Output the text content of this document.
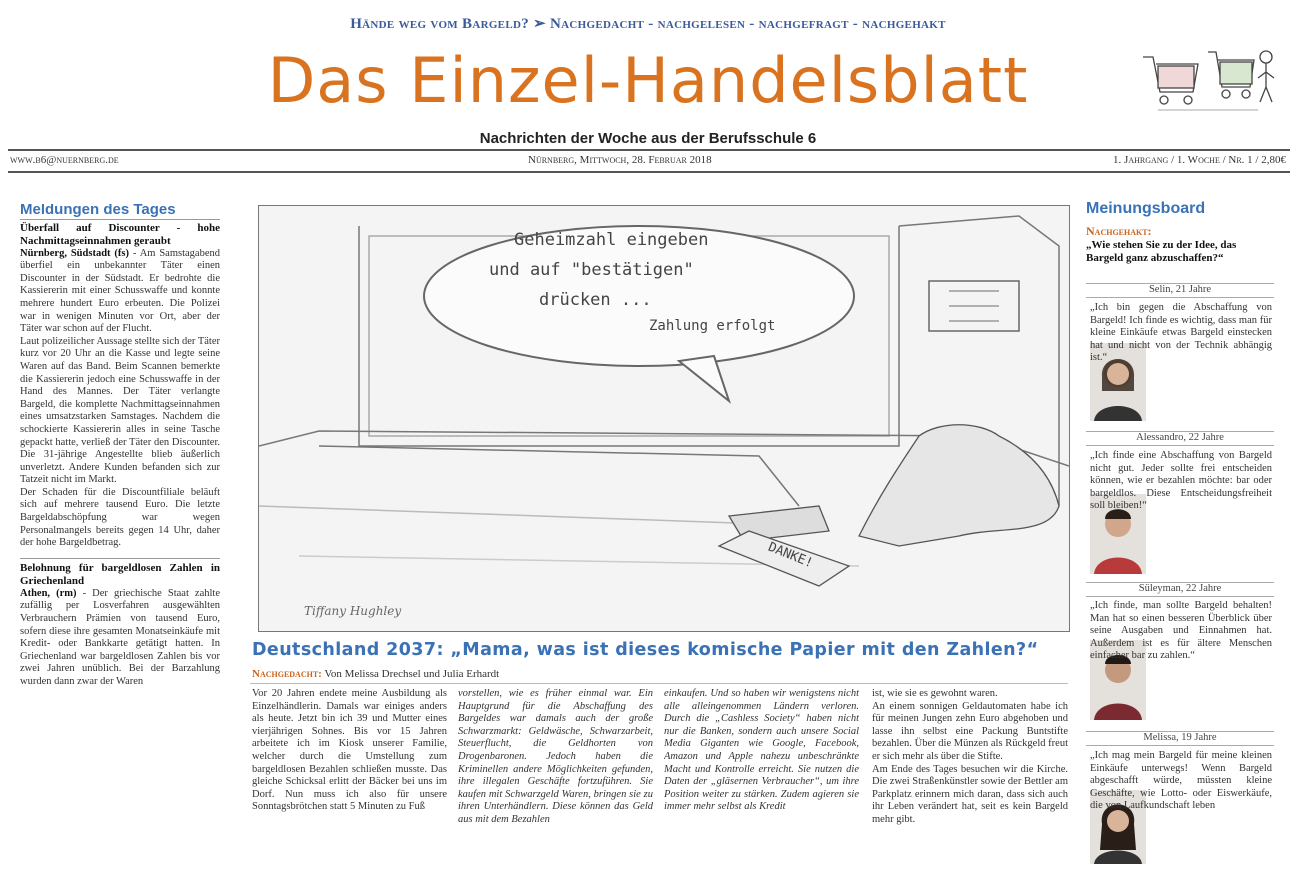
Hände weg vom Bargeld? ➢ Nachgedacht - nachgelesen - nachgefragt - nachgehakt
Das Einzel-Handelsblatt
Nachrichten der Woche aus der Berufsschule 6
www.b6@nuernberg.de	Nürnberg, Mittwoch, 28. Februar 2018	1. Jahrgang / 1. Woche / Nr. 1 / 2,80€
Meldungen des Tages
Überfall auf Discounter - hohe Nachmittagseinnahmen geraubt
Nürnberg, Südstadt (fs) - Am Samstagabend überfiel ein unbekannter Täter einen Discounter in der Südstadt. Er bedrohte die Kassiererin mit einer Schusswaffe und konnte mehrere hundert Euro erbeuten. Die Polizei war in wenigen Minuten vor Ort, aber der Täter war schon auf der Flucht.
Laut polizeilicher Aussage stellte sich der Täter kurz vor 20 Uhr an die Kasse und legte seine Waren auf das Band. Beim Scannen bemerkte die Kassiererin jedoch eine Schusswaffe in der Hand des Mannes. Der Täter verlangte Bargeld, die komplette Nachmittagseinnahmen eines umsatzstarken Samstages. Nachdem die schockierte Kassiererin alles in seine Tasche gepackt hatte, verließ der Täter den Discounter. Die 31-jährige Angestellte blieb äußerlich unverletzt. Andere Kunden befanden sich zur Tatzeit nicht im Markt.
Der Schaden für die Discountfiliale beläuft sich auf mehrere tausend Euro. Die letzte Bargeldabschöpfung war wegen Personalmangels bereits gegen 14 Uhr, daher der hohe Bargeldbetrag.
Belohnung für bargeldlosen Zahlen in Griechenland
Athen, (rm) - Der griechische Staat zahlte zufällig per Losverfahren ausgewählten Verbrauchern Prämien von tausend Euro, sofern diese ihre gesamten Monatseinkäufe mit Kredit- oder Bankkarte getätigt hatten. In Griechenland war bargeldlosen Zahlen bis vor zwei Jahren unüblich. Bei der Barzahlung wurden dann zwar der Waren
Geheimzahl eingeben
und auf "bestätigen"
drücken ...
Zahlung erfolgt
DANKE!
Tiffany Hughley
Deutschland 2037: „Mama, was ist dieses komische Papier mit den Zahlen?“
Nachgedacht: Von Melissa Drechsel und Julia Erhardt
Vor 20 Jahren endete meine Ausbildung als Einzelhändlerin. Damals war einiges anders als heute. Jetzt bin ich 39 und Mutter eines vierjährigen Sohnes. Bis vor 15 Jahren arbeitete ich im Kiosk unserer Familie, welcher durch die Umstellung zum bargeldlosen Bezahlen schließen musste. Das gleiche Schicksal erlitt der Bäcker bei uns im Dorf. Nun muss ich also für unsere Sonntagsbrötchen statt 5 Minuten zu Fuß
vorstellen, wie es früher einmal war. Ein Hauptgrund für die Abschaffung des Bargeldes war damals auch der große Schwarzmarkt: Geldwäsche, Schwarzarbeit, Steuerflucht, die Geldhorten von Drogenbaronen. Jedoch haben die Kriminellen andere Möglichkeiten gefunden, ihre illegalen Geschäfte fortzuführen. Sie kaufen mit Schwarzgeld Waren, bringen sie zu ihren Unterhändlern. Diese können das Geld aus mit dem Bezahlen
einkaufen. Und so haben wir wenigstens nicht alle alleingenommen Ländern verloren. Durch die „Cashless Society“ haben nicht nur die Banken, sondern auch unsere Social Media Giganten wie Google, Facebook, Amazon und Apple nahezu unbeschränkte Macht und Kontrolle erreicht. Sie nutzen die Daten der „gläsernen Verbraucher“, um ihre Position weiter zu stärken. Zudem agieren sie immer mehr selbst als Kredit
ist, wie sie es gewohnt waren.
An einem sonnigen Geldautomaten habe ich für meinen Jungen zehn Euro abgehoben und lasse ihn selbst eine Packung Buntstifte bezahlen. Über die Münzen als Rückgeld freut er sich mehr als über die Stifte.
Am Ende des Tages besuchen wir die Kirche. Die zwei Straßenkünstler sowie der Bettler am Parkplatz erinnern mich daran, dass sich auch ihr Leben verändert hat, seit es kein Bargeld mehr gibt.
Meinungsboard
Nachgehakt:
„Wie stehen Sie zu der Idee, das Bargeld ganz abzuschaffen?“
Selin, 21 Jahre
„Ich bin gegen die Abschaffung von Bargeld! Ich finde es wichtig, dass man für kleine Einkäufe etwas Bargeld einstecken hat und nicht von der Technik abhängig ist.“
Alessandro, 22 Jahre
„Ich finde eine Abschaffung von Bargeld nicht gut. Jeder sollte frei entscheiden können, wie er bezahlen möchte: bar oder bargeldlos. Diese Entscheidungsfreiheit soll bleiben!“
Süleyman, 22 Jahre
„Ich finde, man sollte Bargeld behalten! Man hat so einen besseren Überblick über seine Ausgaben und Einnahmen hat. Außerdem ist es für ältere Menschen einfacher bar zu zahlen.“
Melissa, 19 Jahre
„Ich mag mein Bargeld für meine kleinen Einkäufe unterwegs! Wenn Bargeld abgeschafft würde, müssten kleine Geschäfte, wie Lotto- oder Eiswerkäufe, die von Laufkundschaft leben
